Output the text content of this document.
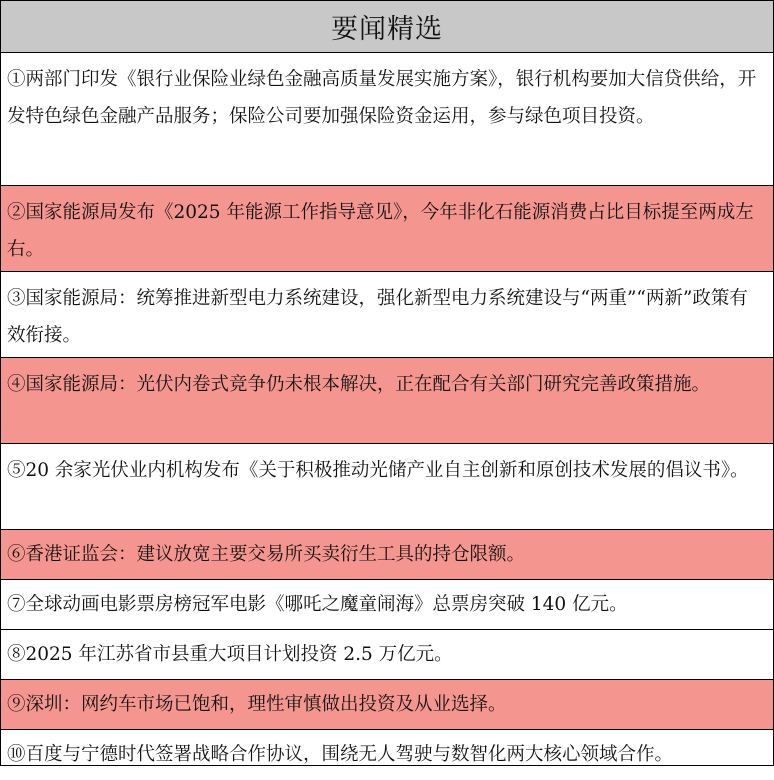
要闻精选
①两部门印发《银行业保险业绿色金融高质量发展实施方案》，银行机构要加大信贷供给，开发特色绿色金融产品服务；保险公司要加强保险资金运用，参与绿色项目投资。
②国家能源局发布《2025 年能源工作指导意见》，今年非化石能源消费占比目标提至两成左右。
③国家能源局：统筹推进新型电力系统建设，强化新型电力系统建设与“两重”“两新”政策有效衔接。
④国家能源局：光伏内卷式竞争仍未根本解决，正在配合有关部门研究完善政策措施。
⑤20 余家光伏业内机构发布《关于积极推动光储产业自主创新和原创技术发展的倡议书》。
⑥香港证监会：建议放宽主要交易所买卖衍生工具的持仓限额。
⑦全球动画电影票房榜冠军电影《哪吒之魔童闹海》总票房突破 140 亿元。
⑧2025 年江苏省市县重大项目计划投资 2.5 万亿元。
⑨深圳：网约车市场已饱和，理性审慎做出投资及从业选择。
⑩百度与宁德时代签署战略合作协议，围绕无人驾驶与数智化两大核心领域合作。
